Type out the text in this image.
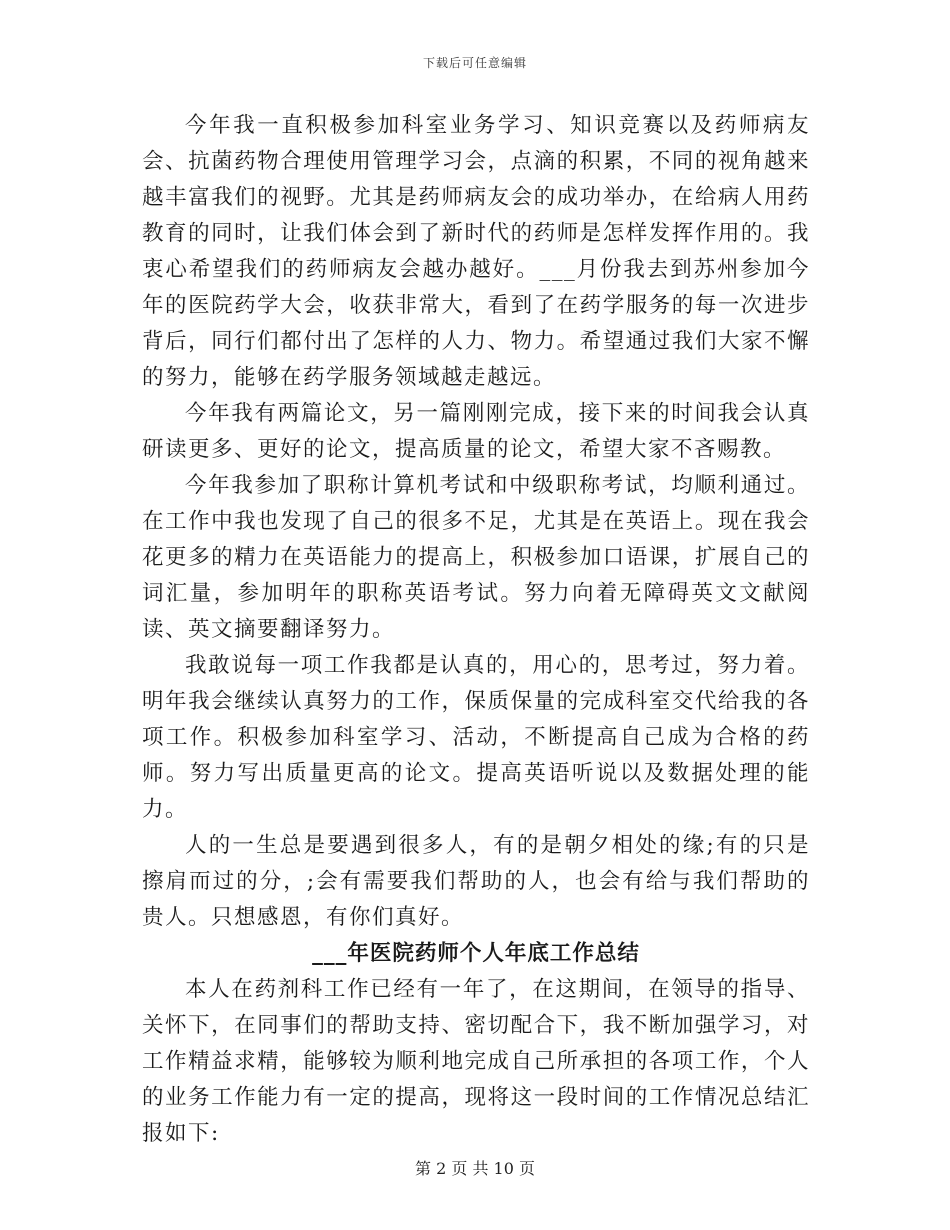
下载后可任意编辑

今年我一直积极参加科室业务学习、知识竞赛以及药师病友会、抗菌药物合理使用管理学习会，点滴的积累，不同的视角越来越丰富我们的视野。尤其是药师病友会的成功举办，在给病人用药教育的同时，让我们体会到了新时代的药师是怎样发挥作用的。我衷心希望我们的药师病友会越办越好。___月份我去到苏州参加今年的医院药学大会，收获非常大，看到了在药学服务的每一次进步背后，同行们都付出了怎样的人力、物力。希望通过我们大家不懈的努力，能够在药学服务领域越走越远。

今年我有两篇论文，另一篇刚刚完成，接下来的时间我会认真研读更多、更好的论文，提高质量的论文，希望大家不吝赐教。

今年我参加了职称计算机考试和中级职称考试，均顺利通过。在工作中我也发现了自己的很多不足，尤其是在英语上。现在我会花更多的精力在英语能力的提高上，积极参加口语课，扩展自己的词汇量，参加明年的职称英语考试。努力向着无障碍英文文献阅读、英文摘要翻译努力。

我敢说每一项工作我都是认真的，用心的，思考过，努力着。明年我会继续认真努力的工作，保质保量的完成科室交代给我的各项工作。积极参加科室学习、活动，不断提高自己成为合格的药师。努力写出质量更高的论文。提高英语听说以及数据处理的能力。

人的一生总是要遇到很多人，有的是朝夕相处的缘;有的只是擦肩而过的分，;会有需要我们帮助的人，也会有给与我们帮助的贵人。只想感恩，有你们真好。

___年医院药师个人年底工作总结

本人在药剂科工作已经有一年了，在这期间，在领导的指导、关怀下，在同事们的帮助支持、密切配合下，我不断加强学习，对工作精益求精，能够较为顺利地完成自己所承担的各项工作，个人的业务工作能力有一定的提高，现将这一段时间的工作情况总结汇报如下:

第 2 页 共 10 页
